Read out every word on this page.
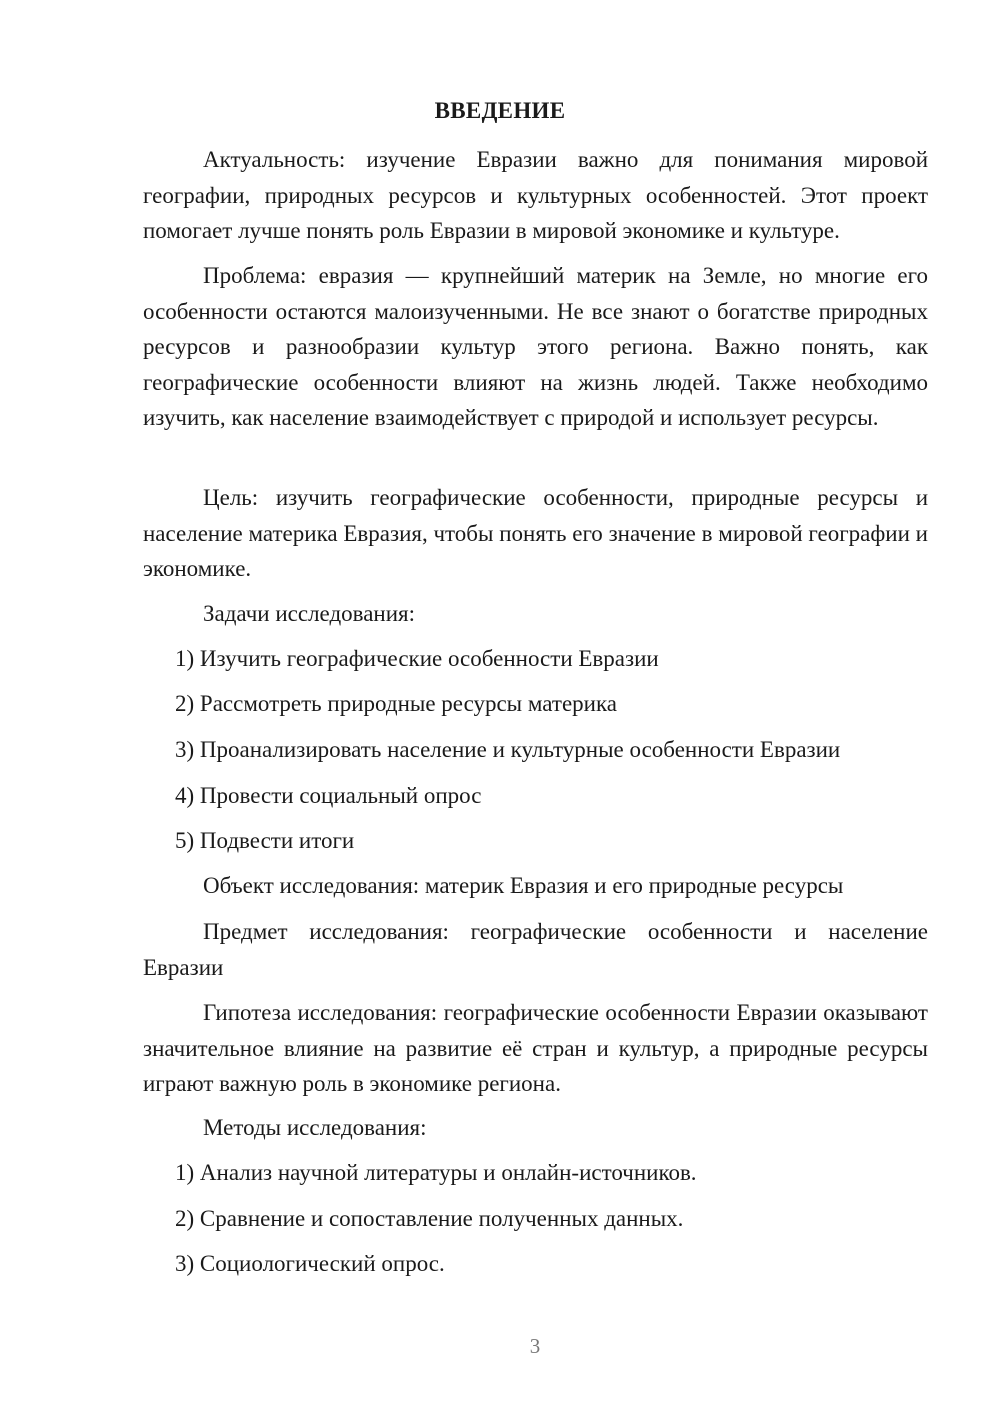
ВВЕДЕНИЕ

Актуальность: изучение Евразии важно для понимания мировой географии, природных ресурсов и культурных особенностей. Этот проект помогает лучше понять роль Евразии в мировой экономике и культуре.

Проблема: евразия — крупнейший материк на Земле, но многие его особенности остаются малоизученными. Не все знают о богатстве природных ресурсов и разнообразии культур этого региона. Важно понять, как географические особенности влияют на жизнь людей. Также необходимо изучить, как население взаимодействует с природой и использует ресурсы.

Цель: изучить географические особенности, природные ресурсы и население материка Евразия, чтобы понять его значение в мировой географии и экономике.

Задачи исследования:
1) Изучить географические особенности Евразии
2) Рассмотреть природные ресурсы материка
3) Проанализировать население и культурные особенности Евразии
4) Провести социальный опрос
5) Подвести итоги
Объект исследования: материк Евразия и его природные ресурсы

Предмет исследования: географические особенности и население Евразии

Гипотеза исследования: географические особенности Евразии оказывают значительное влияние на развитие её стран и культур, а природные ресурсы играют важную роль в экономике региона.

Методы исследования:
1) Анализ научной литературы и онлайн-источников.
2) Сравнение и сопоставление полученных данных.
3) Социологический опрос.
3
